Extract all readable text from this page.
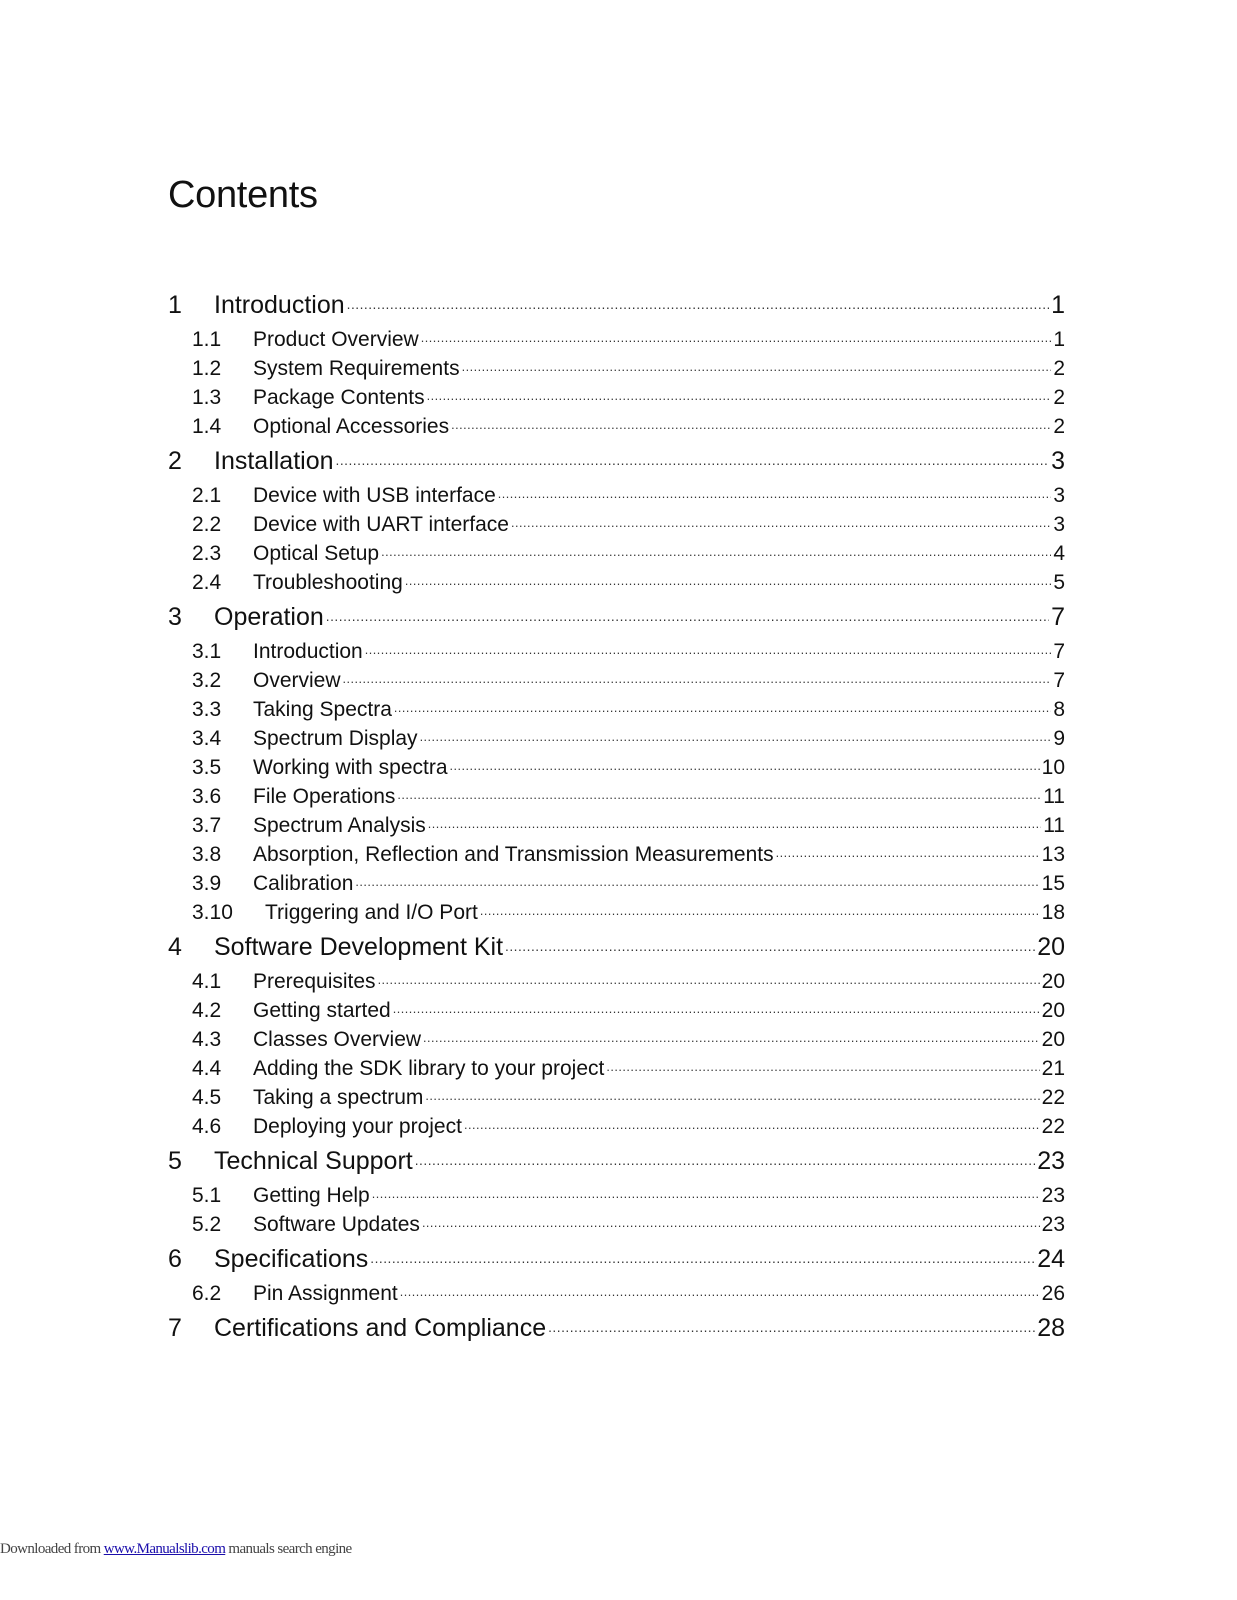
Contents
1	Introduction .....	1
1.1	Product Overview .....	1
1.2	System Requirements .....	2
1.3	Package Contents .....	2
1.4	Optional Accessories .....	2
2	Installation .....	3
2.1	Device with USB interface .....	3
2.2	Device with UART interface .....	3
2.3	Optical Setup .....	4
2.4	Troubleshooting .....	5
3	Operation .....	7
3.1	Introduction .....	7
3.2	Overview .....	7
3.3	Taking Spectra .....	8
3.4	Spectrum Display .....	9
3.5	Working with spectra .....	10
3.6	File Operations .....	11
3.7	Spectrum Analysis .....	11
3.8	Absorption, Reflection and Transmission Measurements .....	13
3.9	Calibration .....	15
3.10	Triggering and I/O Port .....	18
4	Software Development Kit .....	20
4.1	Prerequisites .....	20
4.2	Getting started .....	20
4.3	Classes Overview .....	20
4.4	Adding the SDK library to your project .....	21
4.5	Taking a spectrum .....	22
4.6	Deploying your project .....	22
5	Technical Support .....	23
5.1	Getting Help .....	23
5.2	Software Updates .....	23
6	Specifications .....	24
6.2	Pin Assignment .....	26
7	Certifications and Compliance .....	28
Downloaded from www.Manualslib.com manuals search engine
